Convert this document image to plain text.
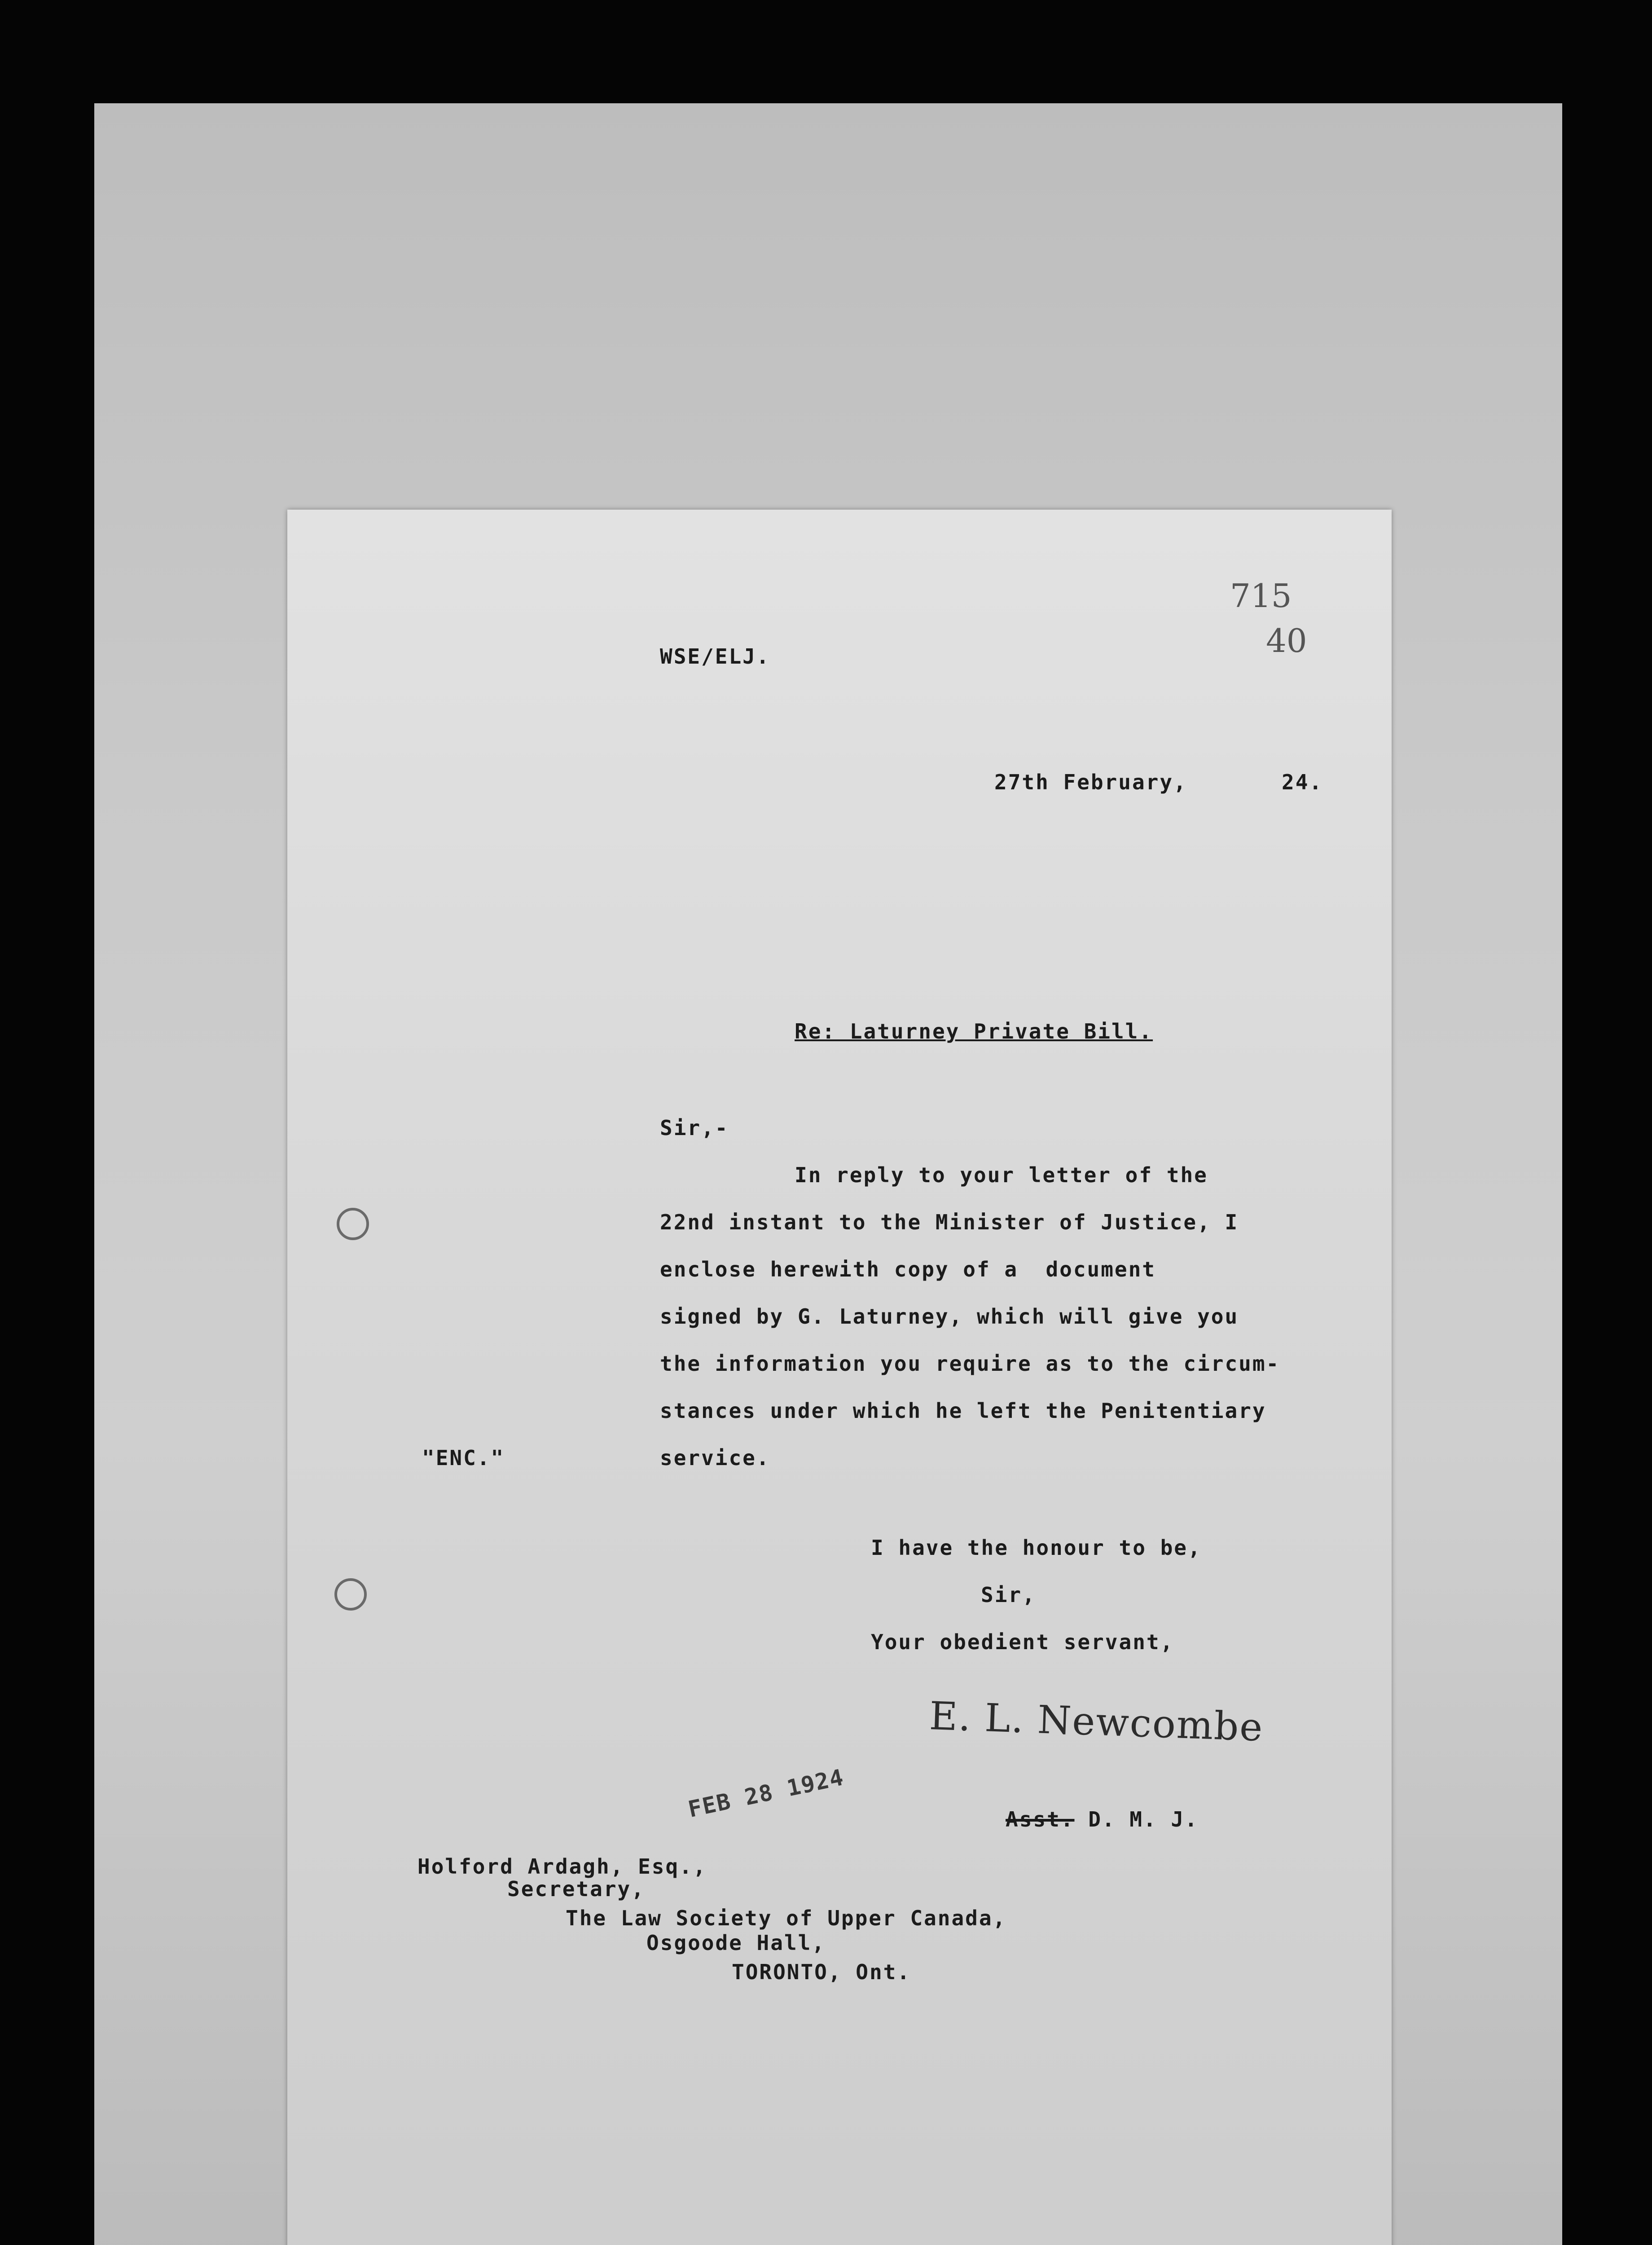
715
40
WSE/ELJ.
27th February,	24.
Re: Laturney Private Bill.
Sir,-
In reply to your letter of the
22nd instant to the Minister of Justice, I
enclose herewith copy of a  document
signed by G. Laturney, which will give you
the information you require as to the circum-
stances under which he left the Penitentiary
service.
"ENC."
I have the honour to be,
Sir,
Your obedient servant,
Asst. D. M. J.
Holford Ardagh, Esq.,
Secretary,
The Law Society of Upper Canada,
Osgoode Hall,
TORONTO, Ont.
E. L. Newcombe
FEB 28 1924
